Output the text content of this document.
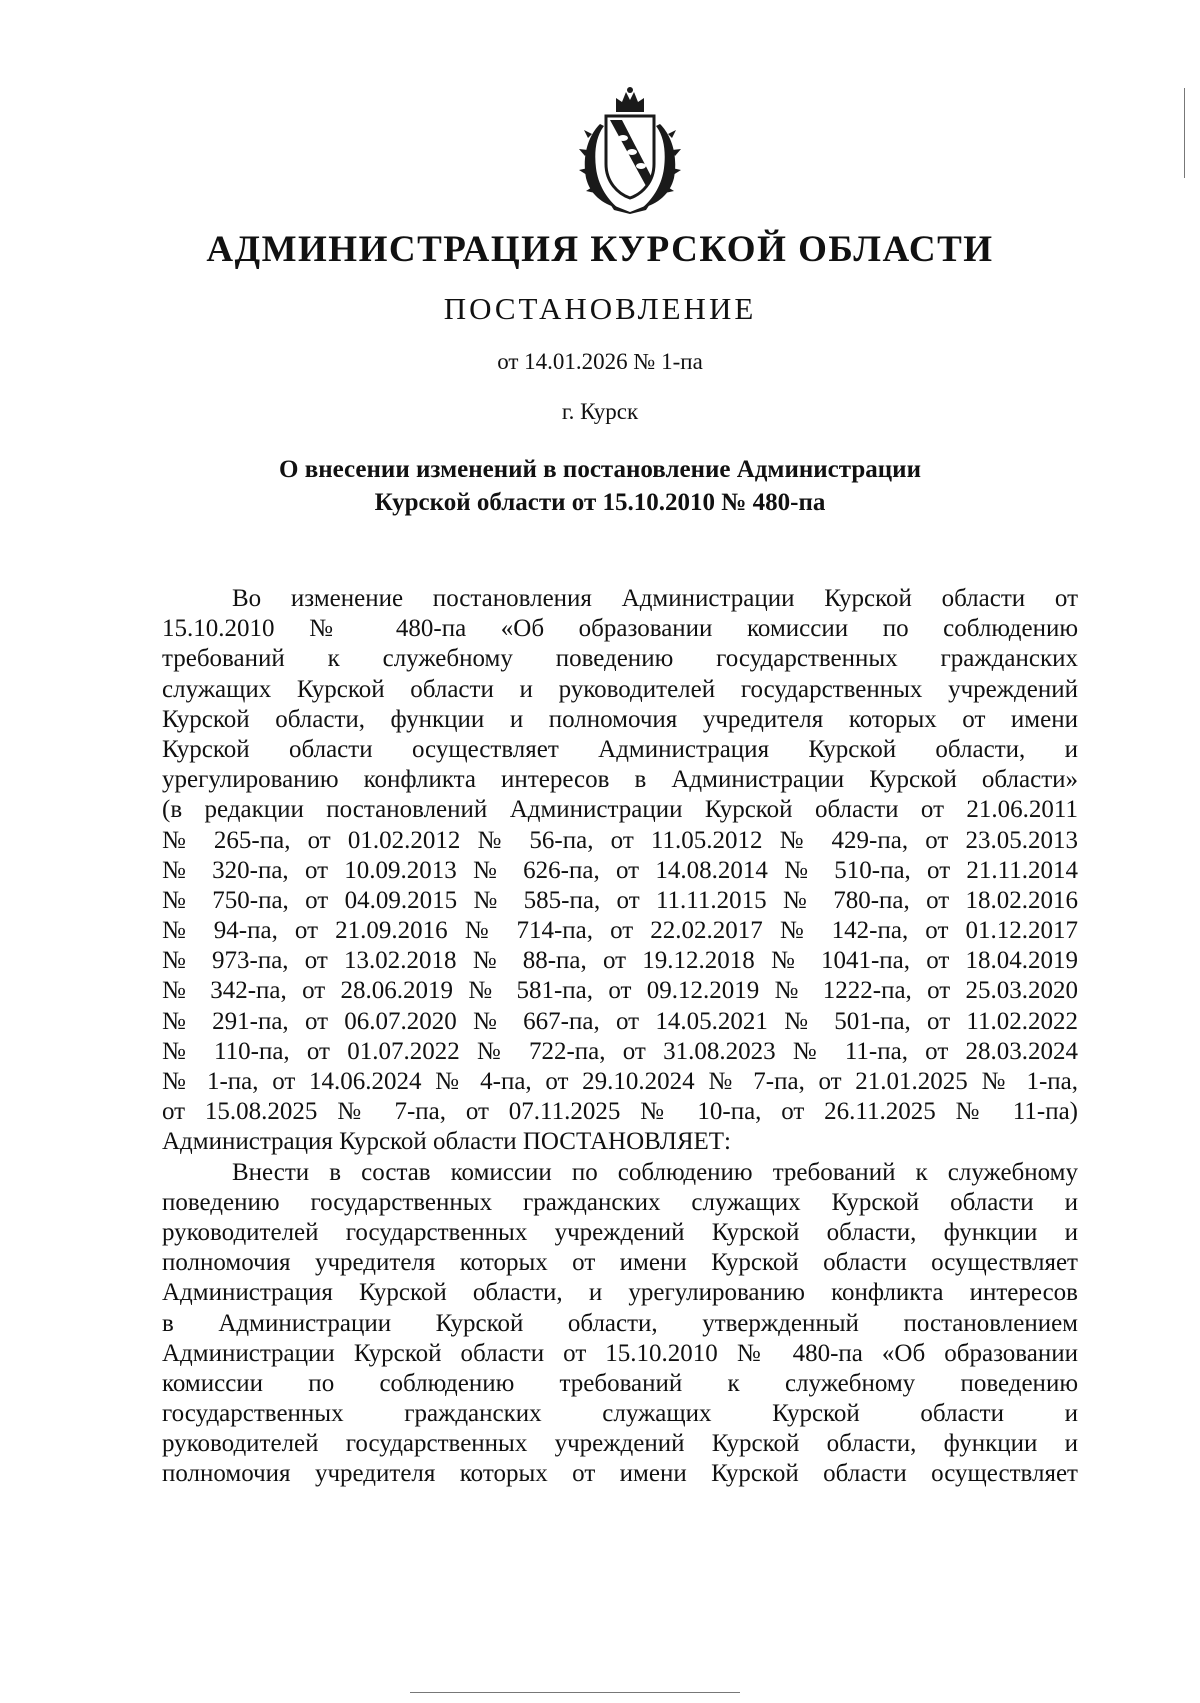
АДМИНИСТРАЦИЯ КУРСКОЙ ОБЛАСТИ
ПОСТАНОВЛЕНИЕ
от 14.01.2026 № 1-па
г. Курск
О внесении изменений в постановление Администрации
Курской области от 15.10.2010 № 480-па
Во изменение постановления Администрации Курской области от
15.10.2010 № 480-па «Об образовании комиссии по соблюдению
требований к служебному поведению государственных гражданских
служащих Курской области и руководителей государственных учреждений
Курской области, функции и полномочия учредителя которых от имени
Курской области осуществляет Администрация Курской области, и
урегулированию конфликта интересов в Администрации Курской области»
(в редакции постановлений Администрации Курской области от 21.06.2011
№ 265-па, от 01.02.2012 № 56-па, от 11.05.2012 № 429-па, от 23.05.2013
№ 320-па, от 10.09.2013 № 626-па, от 14.08.2014 № 510-па, от 21.11.2014
№ 750-па, от 04.09.2015 № 585-па, от 11.11.2015 № 780-па, от 18.02.2016
№ 94-па, от 21.09.2016 № 714-па, от 22.02.2017 № 142-па, от 01.12.2017
№ 973-па, от 13.02.2018 № 88-па, от 19.12.2018 № 1041-па, от 18.04.2019
№ 342-па, от 28.06.2019 № 581-па, от 09.12.2019 № 1222-па, от 25.03.2020
№ 291-па, от 06.07.2020 № 667-па, от 14.05.2021 № 501-па, от 11.02.2022
№ 110-па, от 01.07.2022 № 722-па, от 31.08.2023 № 11-па, от 28.03.2024
№ 1-па, от 14.06.2024 № 4-па, от 29.10.2024 № 7-па, от 21.01.2025 № 1-па,
от 15.08.2025 № 7-па, от 07.11.2025 № 10-па, от 26.11.2025 № 11-па)
Администрация Курской области ПОСТАНОВЛЯЕТ:
Внести в состав комиссии по соблюдению требований к служебному
поведению государственных гражданских служащих Курской области и
руководителей государственных учреждений Курской области, функции и
полномочия учредителя которых от имени Курской области осуществляет
Администрация Курской области, и урегулированию конфликта интересов
в Администрации Курской области, утвержденный постановлением
Администрации Курской области от 15.10.2010 № 480-па «Об образовании
комиссии по соблюдению требований к служебному поведению
государственных гражданских служащих Курской области и
руководителей государственных учреждений Курской области, функции и
полномочия учредителя которых от имени Курской области осуществляет
